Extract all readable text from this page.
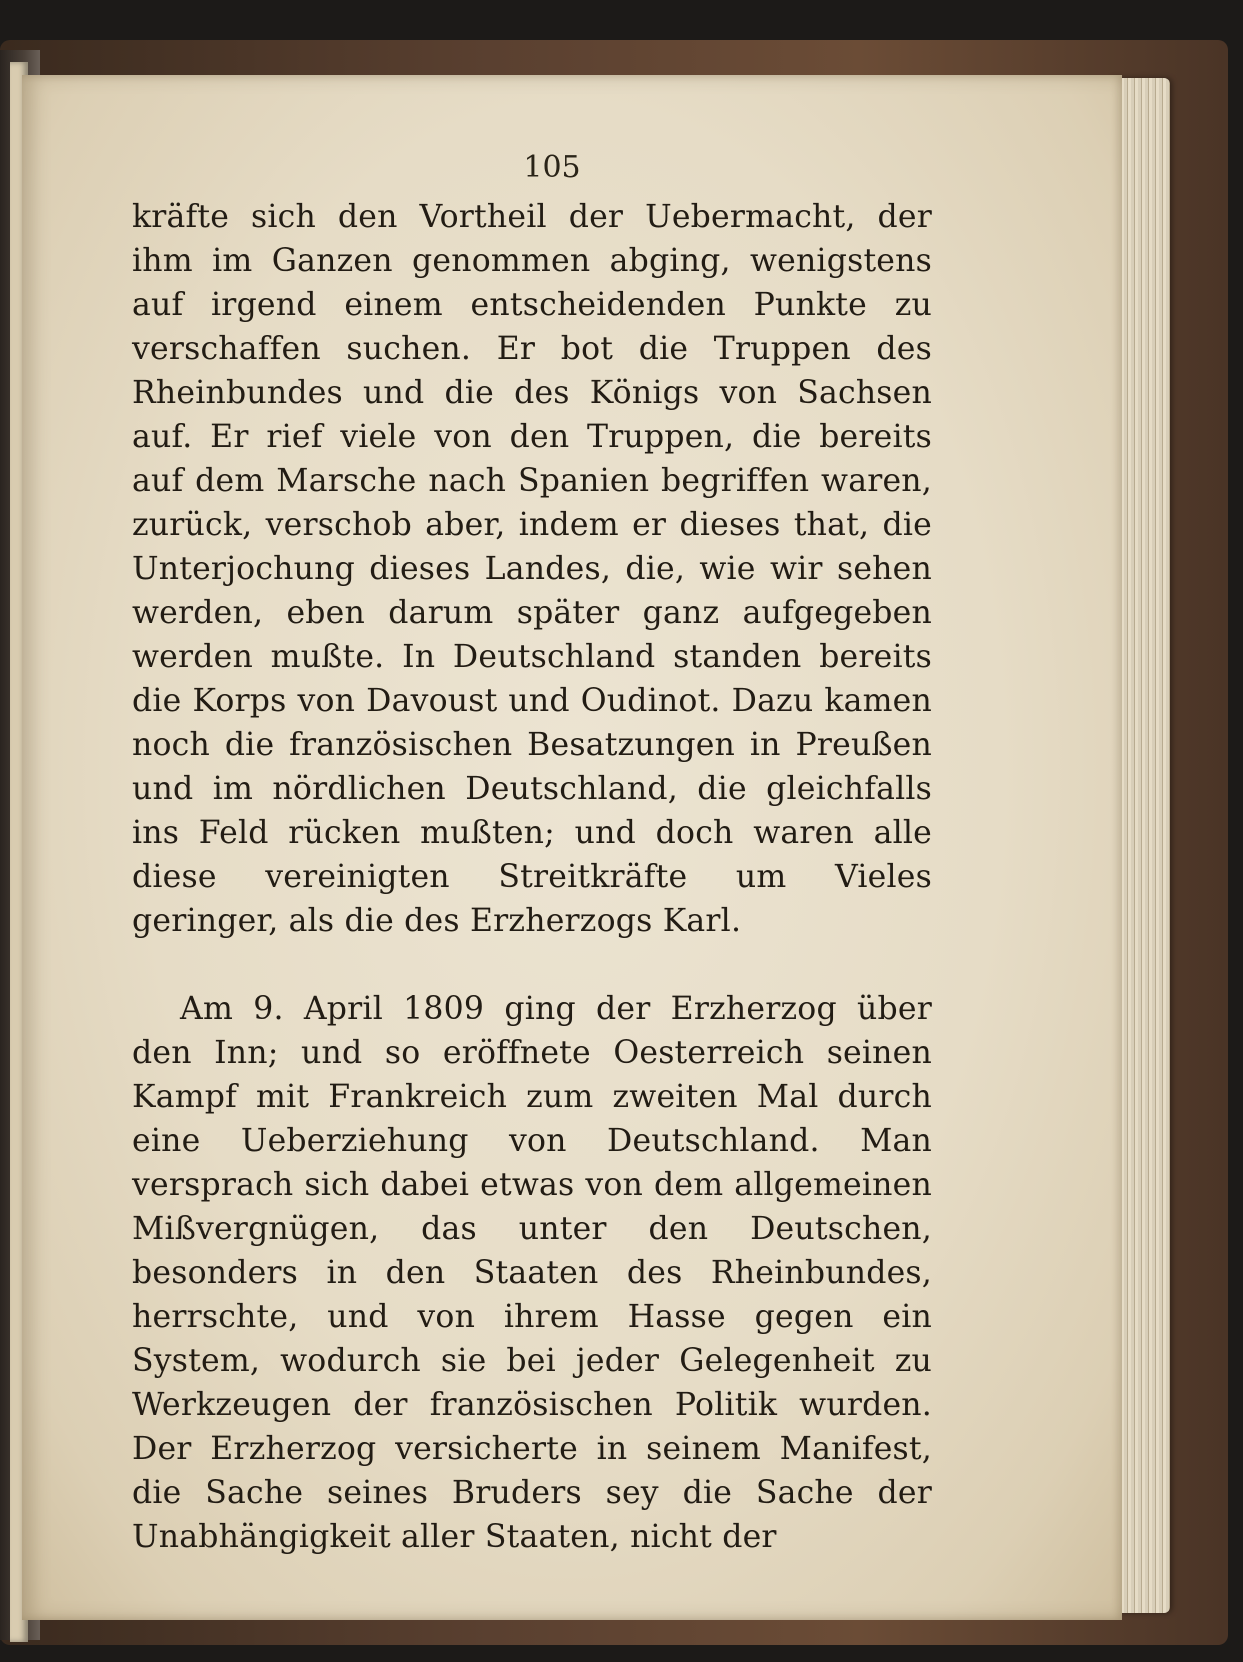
105

kräfte sich den Vortheil der Uebermacht, der ihm im Ganzen genommen abging, wenigstens auf irgend einem entscheidenden Punkte zu verschaffen suchen. Er bot die Truppen des Rheinbundes und die des Königs von Sachsen auf. Er rief viele von den Truppen, die bereits auf dem Marsche nach Spanien begriffen waren, zurück, verschob aber, indem er dieses that, die Unterjochung dieses Landes, die, wie wir sehen werden, eben darum später ganz aufgegeben werden mußte. In Deutschland standen bereits die Korps von Davoust und Oudinot. Dazu kamen noch die französischen Besatzungen in Preußen und im nördlichen Deutschland, die gleichfalls ins Feld rücken mußten; und doch waren alle diese vereinigten Streitkräfte um Vieles geringer, als die des Erzherzogs Karl.

Am 9. April 1809 ging der Erzherzog über den Inn; und so eröffnete Oesterreich seinen Kampf mit Frankreich zum zweiten Mal durch eine Ueberziehung von Deutschland. Man versprach sich dabei etwas von dem allgemeinen Mißvergnügen, das unter den Deutschen, besonders in den Staaten des Rheinbundes, herrschte, und von ihrem Hasse gegen ein System, wodurch sie bei jeder Gelegenheit zu Werkzeugen der französischen Politik wurden. Der Erzherzog versicherte in seinem Manifest, die Sache seines Bruders sey die Sache der Unabhängigkeit aller Staaten, nicht der
